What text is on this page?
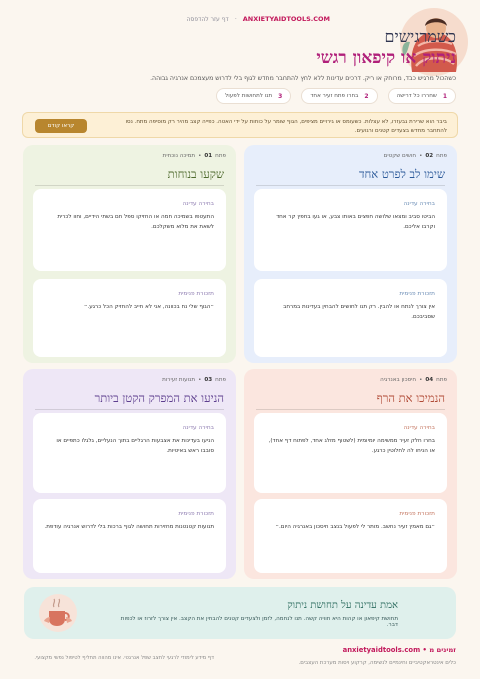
דף עזר להדפסה · ANXIETYAIDTOOLS.COM
כשמרגישים
ניתוק או קיפאון רגשי
כשהכול מרגיש כבד, מרוחק או ריק. דרכים עדינות ללא לחץ להתחבר מחדש לגוף בלי לדרוש מעצמכם אנרגיה גבוהה.
1
שחררו כל דרישה
2
בחרו פתח זעיר אחד
3
תנו לתחושות לפעול
ביבר הוא שרירת גבעזרו, לא עצלות. כשעומס או גירויים מציפים, הגוף שומר על כוחות על ידי האטה. כפייה קצב מהיר רק מוסיפה מתח. נסו להתחבר מחדש בצעדים קטנים ורגועים.
קראו קודם
פתח
02
•
חושים שקטים
שימו לב לפרט אחד
בחירה עדינה
הביטו סביב ומצאו שלושה חפצים באותו צבע, או געו בחפץ קר אחד וקרבו אליכם.
תזכורת פנימית
אין צורך לנתח או להבין. רק תנו לחושים להבחין בעדינות במרחב שסביבכם.
פתח
01
•
תמיכה נוכחית
שקעו בנוחות
בחירה עדינה
התעטפו בשמיכה חמה או החזיקו ספל חם בשתי הידיים, וחוו לכרית לשאת את מלוא משקלכם.
תזכורת פנימית
״הגוף שלי נח בכוונה, אני לא חייב להחזיק הכל כרגע.״
פתח
04
•
חיסכון באנרגיה
הנמיכו את הרף
בחירה עדינה
בחרו חלק זעיר ממשימה יומיומית (לשטוף מזלג אחד, לפתוח דף אחד), או הניחו לה לחלוטין כרגע.
תזכורת פנימית
״גם מאמץ זעיר נחשב. מותר לי לפעול בנצב חיסכון באנרגיה היום.״
פתח
03
•
תנועות זעירות
הניעו את המפרק הקטן ביותר
בחירה עדינה
הניעו בעדינות את אצבעות הרגליים בתוך הנעליים, גלגלו כתפיים או סובבו ראש באיטיות.
תזכורת פנימית
תנועות קטנטנות מחזירות תחושה לגוף ברכות בלי לדרוש אנרגיה עודפת.
אמת עדינה על תחושת ניתוק
תחושת קיפאון או קהות היא חוויה קשה. תנו לנחמה, לזמן ולצעדים קטנים להבחין את הקצב. אין צורך לזרוז או לכפות דבר.
anxietyaidtools.com • זמינים מ
כלים אינטראקטיביים וחינמיים לנשימה, קרקוע ויסות מערכת העצבים.
דף מידע לימודי לרגעי לחצב שפל אנרגטי. אינו מהווה תחליף לטיפול נפשי מקצועי.
